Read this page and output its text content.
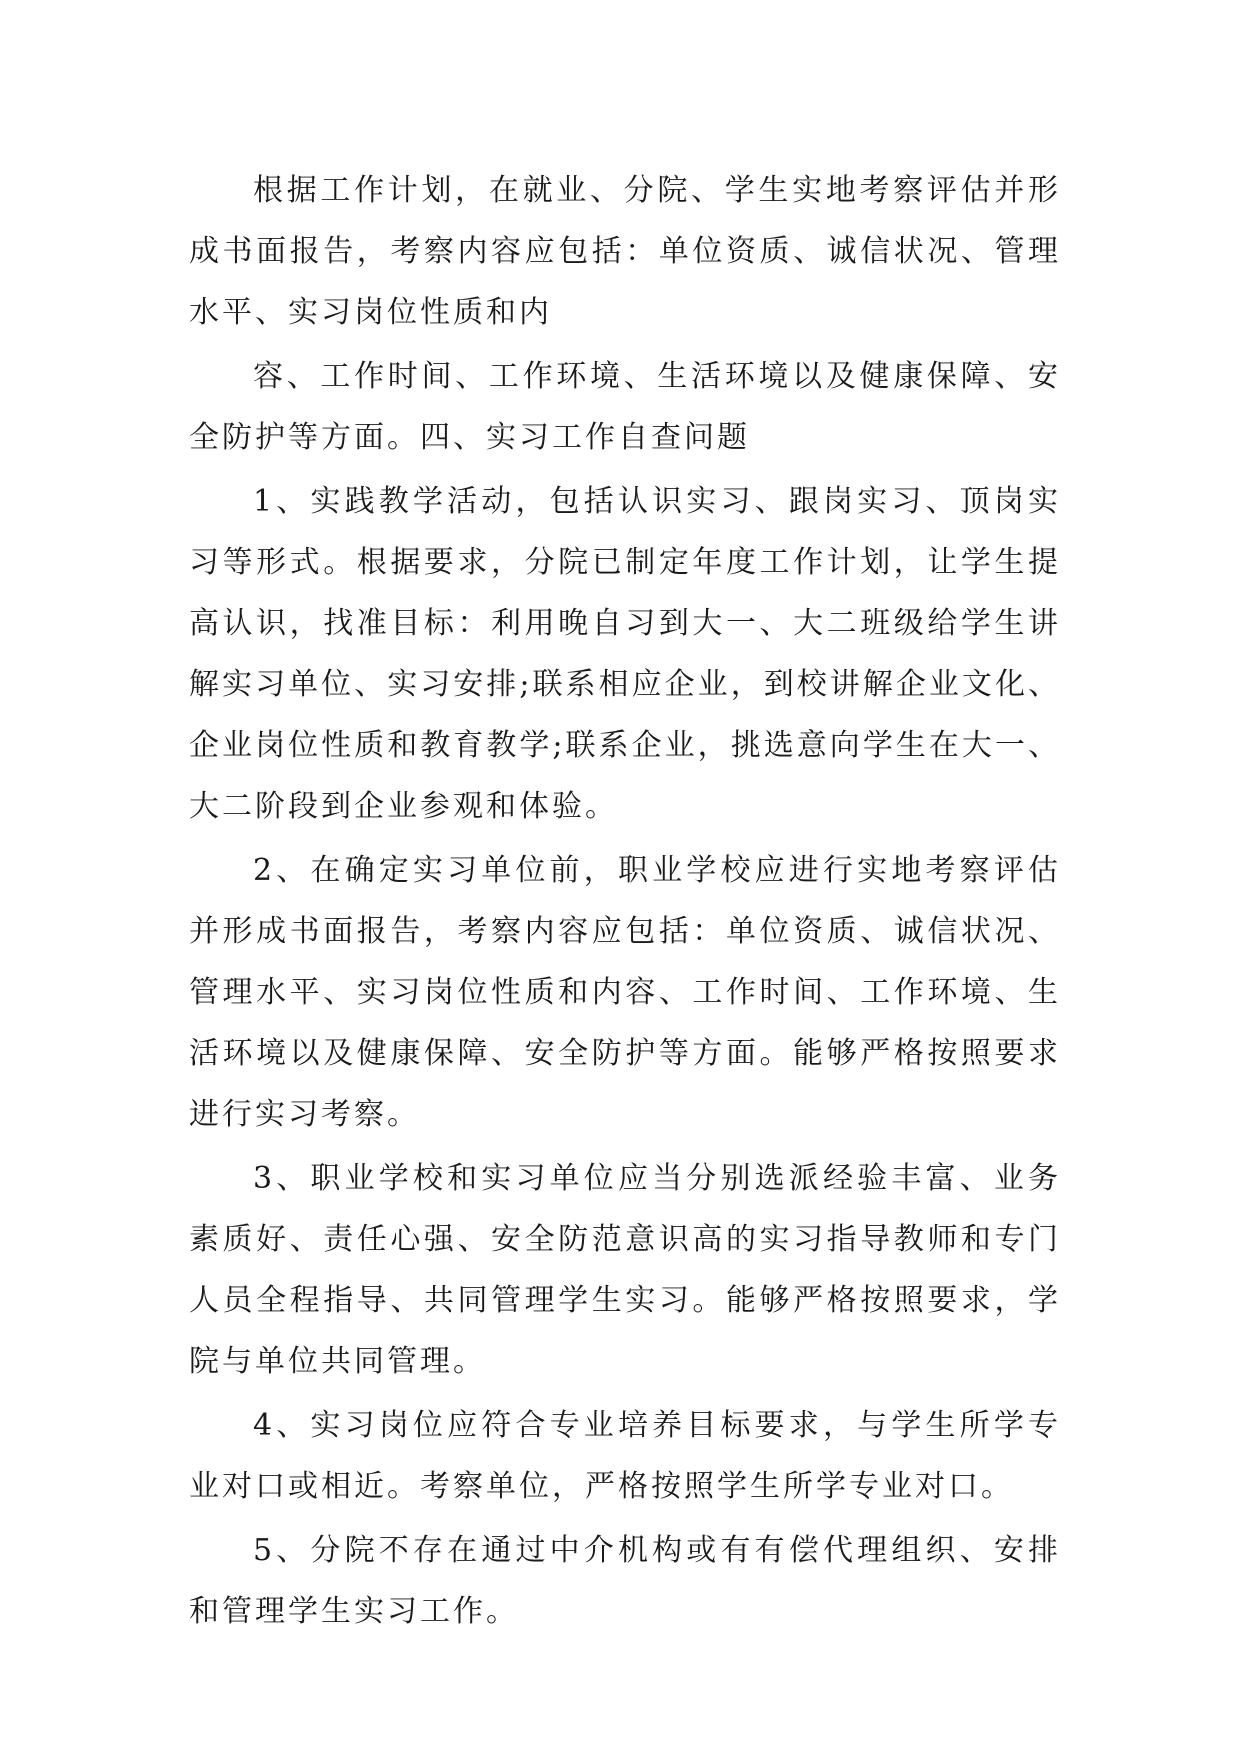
根据工作计划，在就业、分院、学生实地考察评估并形成书面报告，考察内容应包括：单位资质、诚信状况、管理水平、实习岗位性质和内

容、工作时间、工作环境、生活环境以及健康保障、安全防护等方面。四、实习工作自查问题

1、实践教学活动，包括认识实习、跟岗实习、顶岗实习等形式。根据要求，分院已制定年度工作计划，让学生提高认识，找准目标：利用晚自习到大一、大二班级给学生讲解实习单位、实习安排;联系相应企业，到校讲解企业文化、企业岗位性质和教育教学;联系企业，挑选意向学生在大一、大二阶段到企业参观和体验。

2、在确定实习单位前，职业学校应进行实地考察评估并形成书面报告，考察内容应包括：单位资质、诚信状况、管理水平、实习岗位性质和内容、工作时间、工作环境、生活环境以及健康保障、安全防护等方面。能够严格按照要求进行实习考察。

3、职业学校和实习单位应当分别选派经验丰富、业务素质好、责任心强、安全防范意识高的实习指导教师和专门人员全程指导、共同管理学生实习。能够严格按照要求，学院与单位共同管理。

4、实习岗位应符合专业培养目标要求，与学生所学专业对口或相近。考察单位，严格按照学生所学专业对口。

5、分院不存在通过中介机构或有有偿代理组织、安排和管理学生实习工作。
